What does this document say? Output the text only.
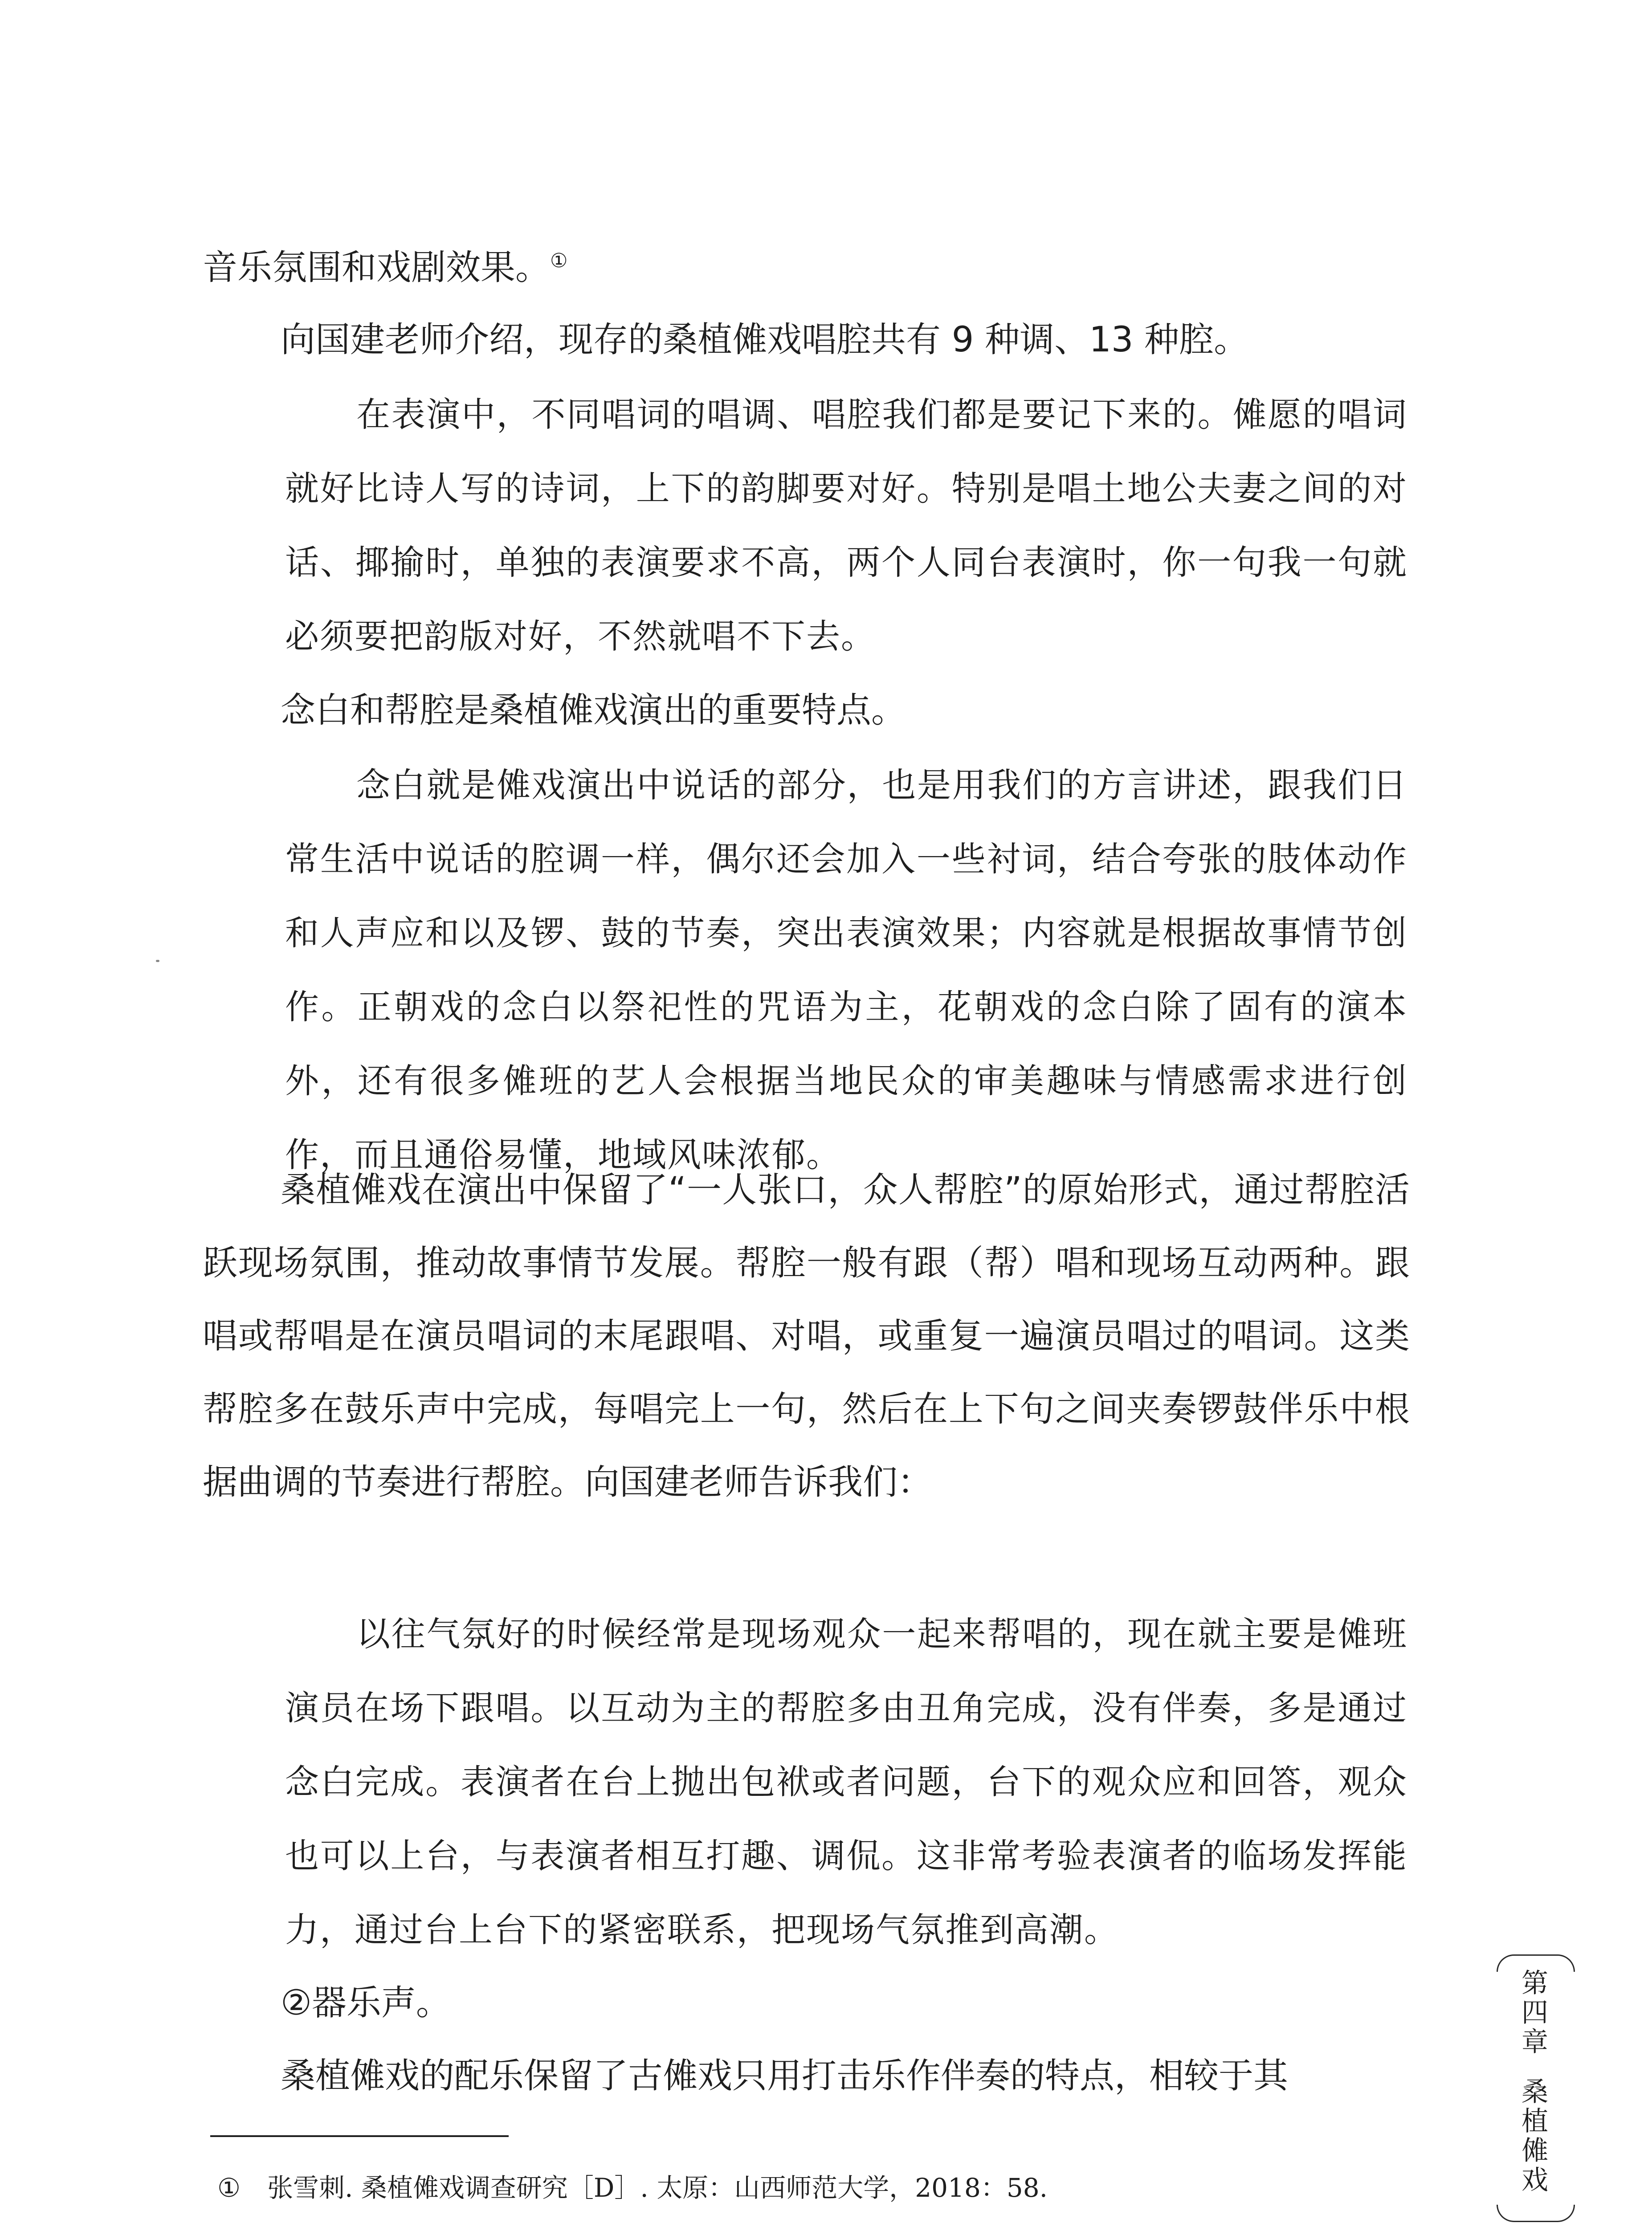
音乐氛围和戏剧效果。①

向国建老师介绍，现存的桑植傩戏唱腔共有 9 种调、13 种腔。

在表演中，不同唱词的唱调、唱腔我们都是要记下来的。傩愿的唱词就好比诗人写的诗词，上下的韵脚要对好。特别是唱土地公夫妻之间的对话、揶揄时，单独的表演要求不高，两个人同台表演时，你一句我一句就必须要把韵版对好，不然就唱不下去。

念白和帮腔是桑植傩戏演出的重要特点。

念白就是傩戏演出中说话的部分，也是用我们的方言讲述，跟我们日常生活中说话的腔调一样，偶尔还会加入一些衬词，结合夸张的肢体动作和人声应和以及锣、鼓的节奏，突出表演效果；内容就是根据故事情节创作。正朝戏的念白以祭祀性的咒语为主，花朝戏的念白除了固有的演本外，还有很多傩班的艺人会根据当地民众的审美趣味与情感需求进行创作，而且通俗易懂，地域风味浓郁。

桑植傩戏在演出中保留了“一人张口，众人帮腔”的原始形式，通过帮腔活跃现场氛围，推动故事情节发展。帮腔一般有跟（帮）唱和现场互动两种。跟唱或帮唱是在演员唱词的末尾跟唱、对唱，或重复一遍演员唱过的唱词。这类帮腔多在鼓乐声中完成，每唱完上一句，然后在上下句之间夹奏锣鼓伴乐中根据曲调的节奏进行帮腔。向国建老师告诉我们：

以往气氛好的时候经常是现场观众一起来帮唱的，现在就主要是傩班演员在场下跟唱。以互动为主的帮腔多由丑角完成，没有伴奏，多是通过念白完成。表演者在台上抛出包袱或者问题，台下的观众应和回答，观众也可以上台，与表演者相互打趣、调侃。这非常考验表演者的临场发挥能力，通过台上台下的紧密联系，把现场气氛推到高潮。

②器乐声。

桑植傩戏的配乐保留了古傩戏只用打击乐作伴奏的特点，相较于其

① 张雪刺. 桑植傩戏调查研究［D］. 太原：山西师范大学，2018：58.
第四章
桑植傩戏
